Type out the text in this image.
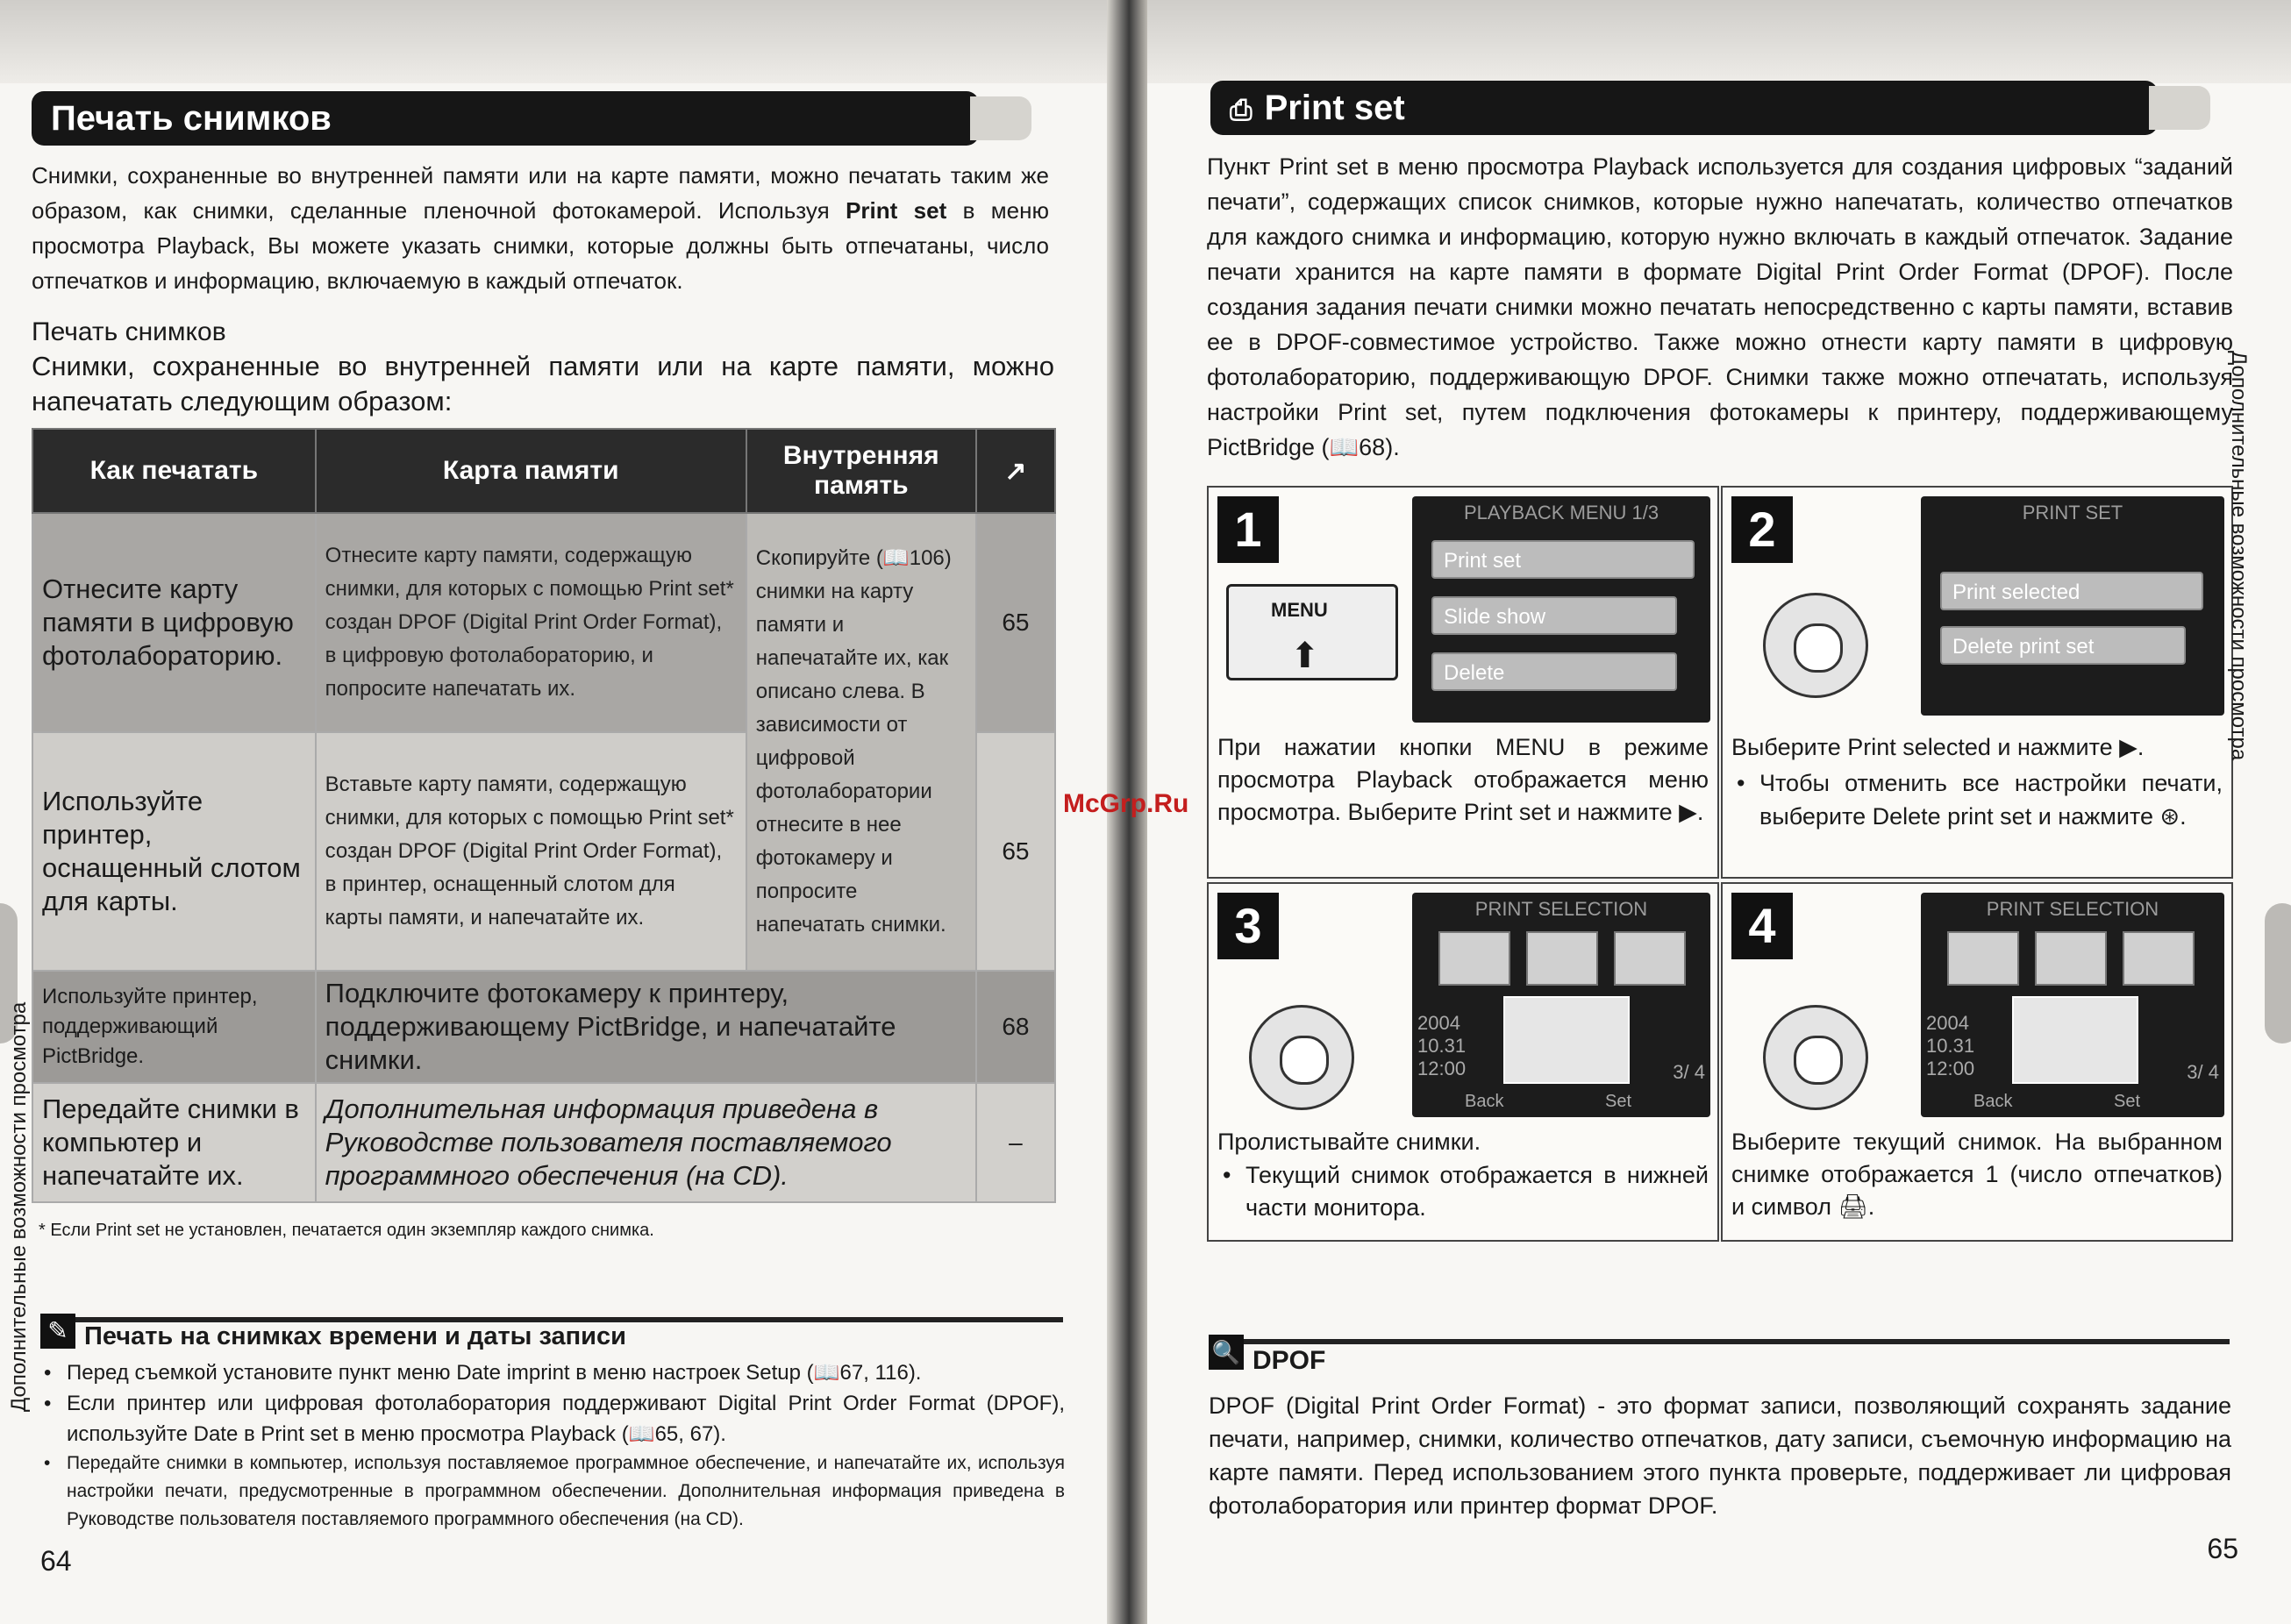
Печать снимков
Снимки, сохраненные во внутренней памяти или на карте памяти, можно печатать таким же образом, как снимки, сделанные пленочной фотокамерой. Используя Print set в меню просмотра Playback, Вы можете указать снимки, которые должны быть отпечатаны, число отпечатков и информацию, включаемую в каждый отпечаток.
Печать снимков
Снимки, сохраненные во внутренней памяти или на карте памяти, можно напечатать следующим образом:
Как печатать	Карта памяти	Внутренняя память	↗
Отнесите карту памяти в цифровую фотолабораторию.	Отнесите карту памяти, содержащую снимки, для которых с помощью Print set* создан DPOF (Digital Print Order Format), в цифровую фотолабораторию, и попросите напечатать их.	Скопируйте (📖106) снимки на карту памяти и напечатайте их, как описано слева. В зависимости от цифровой фотолаборатории отнесите в нее фотокамеру и попросите напечатать снимки.	65
Используйте принтер, оснащенный слотом для карты.	Вставьте карту памяти, содержащую снимки, для которых с помощью Print set* создан DPOF (Digital Print Order Format), в принтер, оснащенный слотом для карты памяти, и напечатайте их.		65
Используйте принтер, поддерживающий PictBridge.	Подключите фотокамеру к принтеру, поддерживающему PictBridge, и напечатайте снимки.		68
Передайте снимки в компьютер и напечатайте их.	Дополнительная информация приведена в Руководстве пользователя поставляемого программного обеспечения (на CD).		–
* Если Print set не установлен, печатается один экземпляр каждого снимка.
✎ Печать на снимках времени и даты записи
• Перед съемкой установите пункт меню Date imprint в меню настроек Setup (📖67, 116).
• Если принтер или цифровая фотолаборатория поддерживают Digital Print Order Format (DPOF), используйте Date в Print set в меню просмотра Playback (📖65, 67).
• Передайте снимки в компьютер, используя поставляемое программное обеспечение, и напечатайте их, используя настройки печати, предусмотренные в программном обеспечении. Дополнительная информация приведена в Руководстве пользователя поставляемого программного обеспечения (на CD).
64
Дополнительные возможности просмотра
⎙ Print set
Пункт Print set в меню просмотра Playback используется для создания цифровых “заданий печати”, содержащих список снимков, которые нужно напечатать, количество отпечатков для каждого снимка и информацию, которую нужно включать в каждый отпечаток. Задание печати хранится на карте памяти в формате Digital Print Order Format (DPOF). После создания задания печати снимки можно печатать непосредственно с карты памяти, вставив ее в DPOF-совместимое устройство. Также можно отнести карту памяти в цифровую фотолабораторию, поддерживающую DPOF. Снимки также можно отпечатать, используя настройки Print set, путем подключения фотокамеры к принтеру, поддерживающему PictBridge (📖68).
1
MENU
⬆
PLAYBACK MENU 1/3
Print set
Slide show
Delete
При нажатии кнопки MENU в режиме просмотра Playback отображается меню просмотра. Выберите Print set и нажмите ▶.
2	PRINT SET
Print selected
Delete print set
Выберите Print selected и нажмите ▶.
• Чтобы отменить все настройки печати, выберите Delete print set и нажмите ⊛.
3	PRINT SELECTION
2004
10.31
12:00	3/ 4
Back	Set
Пролистывайте снимки.
• Текущий снимок отображается в нижней части монитора.
4	PRINT SELECTION
2004
10.31
12:00	3/ 4
Back	Set
Выберите текущий снимок. На выбранном снимке отображается 1 (число отпечатков) и символ 🖨.
🔍 DPOF
DPOF (Digital Print Order Format) - это формат записи, позволяющий сохранять задание печати, например, снимки, количество отпечатков, дату записи, съемочную информацию на карте памяти. Перед использованием этого пункта проверьте, поддерживает ли цифровая фотолаборатория или принтер формат DPOF.
65
Дополнительные возможности просмотра
McGrp.Ru
